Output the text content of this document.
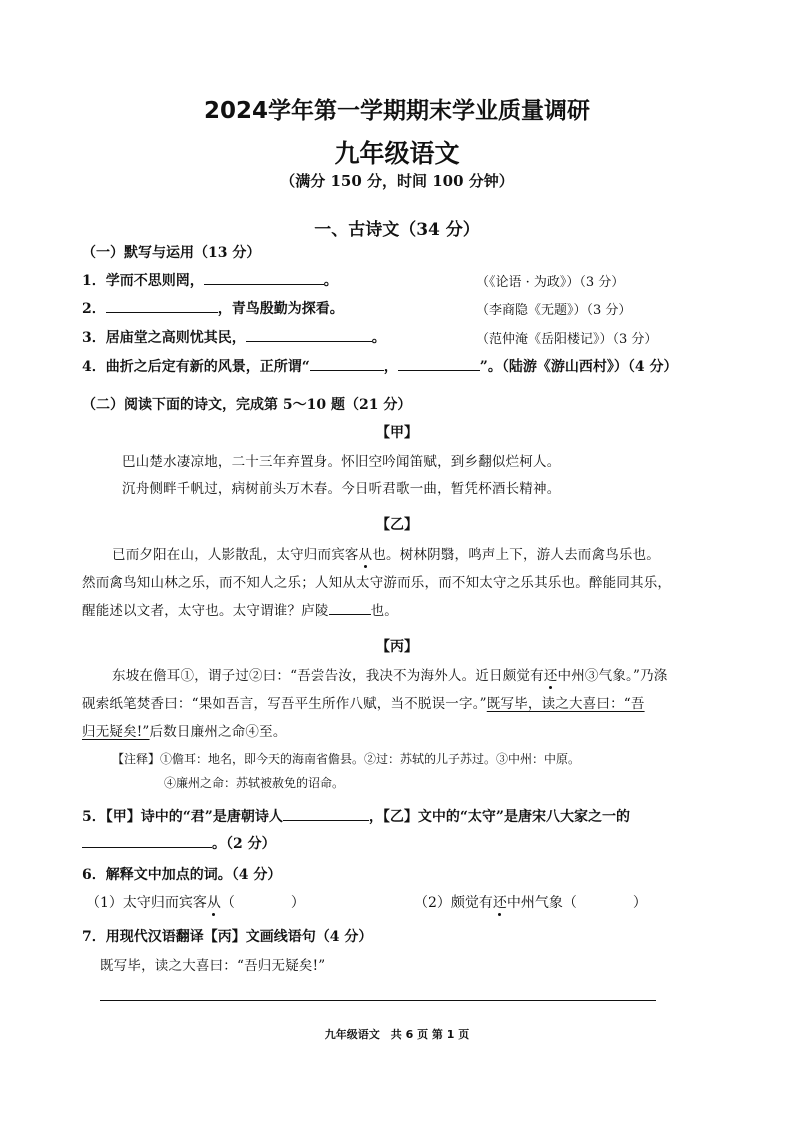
2024学年第一学期期末学业质量调研
九年级语文
（满分 150 分，时间 100 分钟）
一、古诗文（34 分）
（一）默写与运用（13 分）
1．学而不思则罔，	。	（《论语 · 为政》）（3 分）
2．	，青鸟殷勤为探看。	（李商隐《无题》）（3 分）
3．居庙堂之高则忧其民，	。	（范仲淹《岳阳楼记》）（3 分）
4．曲折之后定有新的风景，正所谓“	，	”。（陆游《游山西村》）（4 分）
（二）阅读下面的诗文，完成第 5～10 题（21 分）
【甲】
巴山楚水凄凉地，二十三年弃置身。怀旧空吟闻笛赋，到乡翻似烂柯人。
沉舟侧畔千帆过，病树前头万木春。今日听君歌一曲，暂凭杯酒长精神。
【乙】
已而夕阳在山，人影散乱，太守归而宾客从也。树林阴翳，鸣声上下，游人去而禽鸟乐也。
然而禽鸟知山林之乐，而不知人之乐；人知从太守游而乐，而不知太守之乐其乐也。醉能同其乐，
醒能述以文者，太守也。太守谓谁？庐陵	也。
【丙】
东坡在儋耳①，谓子过②曰：“吾尝告汝，我决不为海外人。近日颇觉有还中州③气象。”乃涤
砚索纸笔焚香曰：“果如吾言，写吾平生所作八赋，当不脱误一字。”既写毕，读之大喜曰：“吾
归无疑矣!”后数日廉州之命④至。
【注释】①儋耳：地名，即今天的海南省儋县。②过：苏轼的儿子苏过。③中州：中原。
④廉州之命：苏轼被赦免的诏命。
5．【甲】诗中的“君”是唐朝诗人	，【乙】文中的“太守”是唐宋八大家之一的
。（2 分）
6．解释文中加点的词。（4 分）
（1）太守归而宾客从（　　　　）	（2）颇觉有还中州气象（　　　　）
7．用现代汉语翻译【丙】文画线语句（4 分）
既写毕，读之大喜曰：“吾归无疑矣!”
九年级语文　共 6 页 第 1 页
